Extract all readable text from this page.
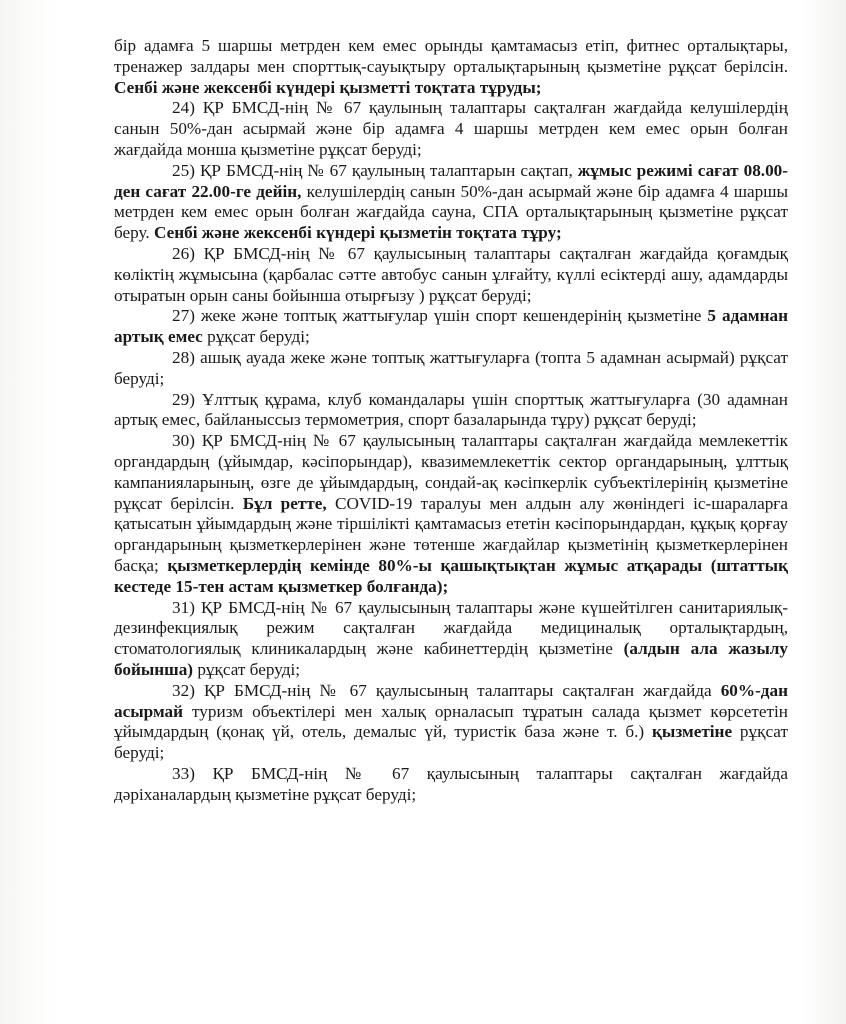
бір адамға 5 шаршы метрден кем емес орынды қамтамасыз етіп, фитнес орталықтары, тренажер залдары мен спорттық-сауықтыру орталықтарының қызметіне рұқсат берілсін. Сенбі және жексенбі күндері қызметті тоқтата тұруды;

24) ҚР БМСД-нің № 67 қаулының талаптары сақталған жағдайда келушілердің санын 50%-дан асырмай және бір адамға 4 шаршы метрден кем емес орын болған жағдайда монша қызметіне рұқсат беруді;

25) ҚР БМСД-нің № 67 қаулының талаптарын сақтап, жұмыс режимі сағат 08.00-ден сағат 22.00-ге дейін, келушілердің санын 50%-дан асырмай және бір адамға 4 шаршы метрден кем емес орын болған жағдайда сауна, СПА орталықтарының қызметіне рұқсат беру. Сенбі және жексенбі күндері қызметін тоқтата тұру;

26) ҚР БМСД-нің № 67 қаулысының талаптары сақталған жағдайда қоғамдық көліктің жұмысына (қарбалас сәтте автобус санын ұлғайту, күллі есіктерді ашу, адамдарды отыратын орын саны бойынша отырғызу ) рұқсат беруді;

27) жеке және топтық жаттығулар үшін спорт кешендерінің қызметіне 5 адамнан артық емес рұқсат беруді;

28) ашық ауада жеке және топтық жаттығуларға (топта 5 адамнан асырмай) рұқсат беруді;

29) Ұлттық құрама, клуб командалары үшін спорттық жаттығуларға (30 адамнан артық емес, байланыссыз термометрия, спорт базаларында тұру) рұқсат беруді;

30) ҚР БМСД-нің № 67 қаулысының талаптары сақталған жағдайда мемлекеттік органдардың (ұйымдар, кәсіпорындар), квазимемлекеттік сектор органдарының, ұлттық кампанияларының, өзге де ұйымдардың, сондай-ақ кәсіпкерлік субъектілерінің қызметіне рұқсат берілсін. Бұл ретте, COVID-19 таралуы мен алдын алу жөніндегі іс-шараларға қатысатын ұйымдардың және тіршілікті қамтамасыз ететін кәсіпорындардан, құқық қорғау органдарының қызметкерлерінен және төтенше жағдайлар қызметінің қызметкерлерінен басқа; қызметкерлердің кемінде 80%-ы қашықтықтан жұмыс атқарады (штаттық кестеде 15-тен астам қызметкер болғанда);

31) ҚР БМСД-нің № 67 қаулысының талаптары және күшейтілген санитариялық-дезинфекциялық режим сақталған жағдайда медициналық орталықтардың, стоматологиялық клиникалардың және кабинеттердің қызметіне (алдын ала жазылу бойынша) рұқсат беруді;

32) ҚР БМСД-нің № 67 қаулысының талаптары сақталған жағдайда 60%-дан асырмай туризм объектілері мен халық орналасып тұратын салада қызмет көрсететін ұйымдардың (қонақ үй, отель, демалыс үй, туристік база және т. б.) қызметіне рұқсат беруді;

33) ҚР БМСД-нің № 67 қаулысының талаптары сақталған жағдайда дәріханалардың қызметіне рұқсат беруді;
